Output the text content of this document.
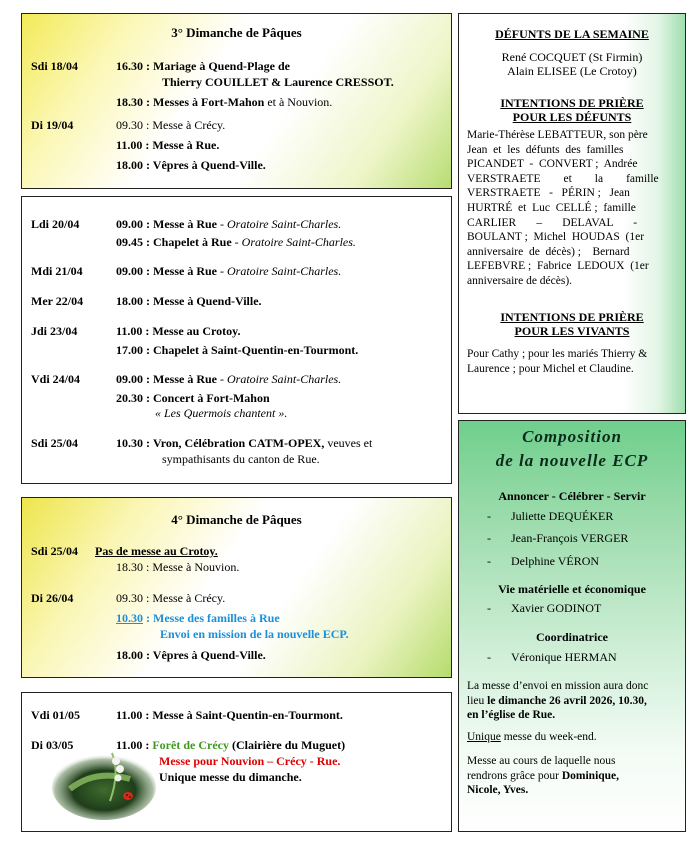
3° Dimanche de Pâques
Sdi 18/04	16.30 : Mariage à Quend-Plage de
Thierry COUILLET & Laurence CRESSOT.
18.30 : Messes à Fort-Mahon et à Nouvion.
Di 19/04	09.30 : Messe à Crécy.
11.00 : Messe à Rue.
18.00 : Vêpres à Quend-Ville.
Ldi 20/04	09.00 : Messe à Rue - Oratoire Saint-Charles.
09.45 : Chapelet à Rue - Oratoire Saint-Charles.
Mdi 21/04	09.00 : Messe à Rue - Oratoire Saint-Charles.
Mer 22/04	18.00 : Messe à Quend-Ville.
Jdi 23/04	11.00 : Messe au Crotoy.
17.00 : Chapelet à Saint-Quentin-en-Tourmont.
Vdi 24/04	09.00 : Messe à Rue - Oratoire Saint-Charles.
20.30 : Concert à Fort-Mahon
« Les Quermois chantent ».
Sdi 25/04	10.30 : Vron, Célébration CATM-OPEX, veuves et
sympathisants du canton de Rue.
4° Dimanche de Pâques
Sdi 25/04 Pas de messe au Crotoy.
18.30 : Messe à Nouvion.
Di 26/04	09.30 : Messe à Crécy.
10.30 : Messe des familles à Rue
Envoi en mission de la nouvelle ECP.
18.00 : Vêpres à Quend-Ville.
Vdi 01/05	11.00 : Messe à Saint-Quentin-en-Tourmont.
Di 03/05	11.00 : Forêt de Crécy (Clairière du Muguet)
Messe pour Nouvion – Crécy - Rue.
Unique messe du dimanche.
DÉFUNTS DE LA SEMAINE
René COCQUET (St Firmin)
Alain ELISEE (Le Crotoy)
INTENTIONS DE PRIÈRE
POUR LES DÉFUNTS
Marie-Thérèse LEBATTEUR, son père
Jean  et  les  défunts  des  familles
PICANDET  -  CONVERT ;  Andrée
VERSTRAETE        et        la        famille
VERSTRAETE   -   PÉRIN ;   Jean
HURTRÉ  et  Luc  CELLÉ ;  famille
CARLIER       –       DELAVAL       -
BOULANT ;  Michel  HOUDAS  (1er
anniversaire  de  décès) ;    Bernard
LEFEBVRE ;  Fabrice  LEDOUX  (1er
anniversaire de décès).
INTENTIONS DE PRIÈRE
POUR LES VIVANTS
Pour Cathy ; pour les mariés Thierry &
Laurence ; pour Michel et Claudine.
Composition
de la nouvelle ECP
Annoncer - Célébrer - Servir
- Juliette DEQUÉKER
- Jean-François VERGER
- Delphine VÉRON
Vie matérielle et économique
- Xavier GODINOT
Coordinatrice
- Véronique HERMAN
La messe d’envoi en mission aura donc
lieu le dimanche 26 avril 2026, 10.30,
en l’église de Rue.
Unique messe du week-end.
Messe au cours de laquelle nous
rendrons grâce pour Dominique,
Nicole, Yves.
